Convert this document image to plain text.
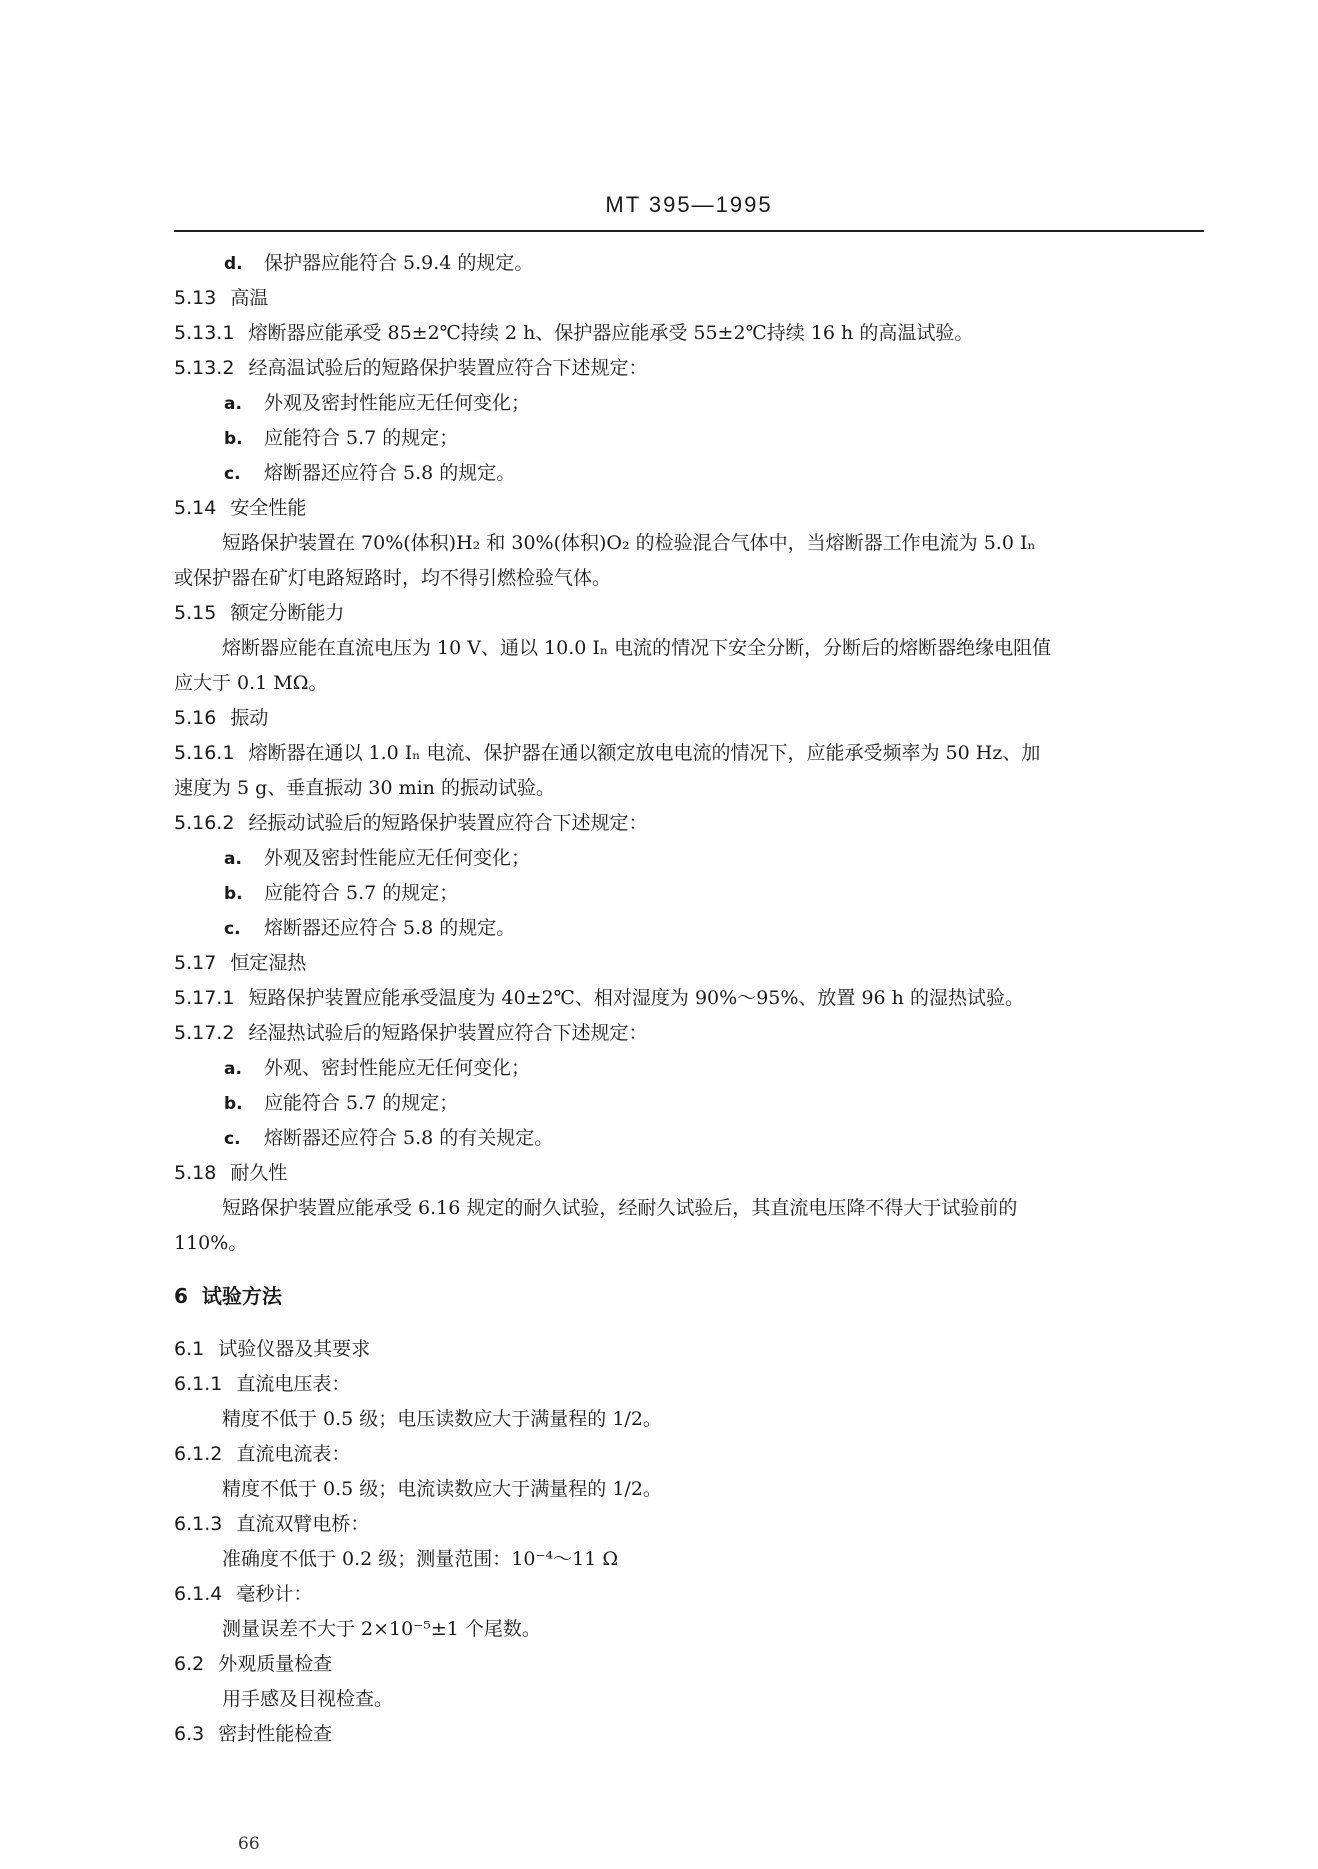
MT 395—1995
d. 保护器应能符合 5.9.4 的规定。
5.13 高温
5.13.1 熔断器应能承受 85±2℃持续 2 h、保护器应能承受 55±2℃持续 16 h 的高温试验。
5.13.2 经高温试验后的短路保护装置应符合下述规定：
a. 外观及密封性能应无任何变化；
b. 应能符合 5.7 的规定；
c. 熔断器还应符合 5.8 的规定。
5.14 安全性能
短路保护装置在 70%(体积)H₂ 和 30%(体积)O₂ 的检验混合气体中，当熔断器工作电流为 5.0 Iₙ
或保护器在矿灯电路短路时，均不得引燃检验气体。
5.15 额定分断能力
熔断器应能在直流电压为 10 V、通以 10.0 Iₙ 电流的情况下安全分断，分断后的熔断器绝缘电阻值
应大于 0.1 MΩ。
5.16 振动
5.16.1 熔断器在通以 1.0 Iₙ 电流、保护器在通以额定放电电流的情况下，应能承受频率为 50 Hz、加
速度为 5 g、垂直振动 30 min 的振动试验。
5.16.2 经振动试验后的短路保护装置应符合下述规定：
a. 外观及密封性能应无任何变化；
b. 应能符合 5.7 的规定；
c. 熔断器还应符合 5.8 的规定。
5.17 恒定湿热
5.17.1 短路保护装置应能承受温度为 40±2℃、相对湿度为 90%～95%、放置 96 h 的湿热试验。
5.17.2 经湿热试验后的短路保护装置应符合下述规定：
a. 外观、密封性能应无任何变化；
b. 应能符合 5.7 的规定；
c. 熔断器还应符合 5.8 的有关规定。
5.18 耐久性
短路保护装置应能承受 6.16 规定的耐久试验，经耐久试验后，其直流电压降不得大于试验前的
110%。
6 试验方法
6.1 试验仪器及其要求
6.1.1 直流电压表：
精度不低于 0.5 级；电压读数应大于满量程的 1/2。
6.1.2 直流电流表：
精度不低于 0.5 级；电流读数应大于满量程的 1/2。
6.1.3 直流双臂电桥：
准确度不低于 0.2 级；测量范围：10⁻⁴～11 Ω
6.1.4 毫秒计：
测量误差不大于 2×10⁻⁵±1 个尾数。
6.2 外观质量检查
用手感及目视检查。
6.3 密封性能检查
66
